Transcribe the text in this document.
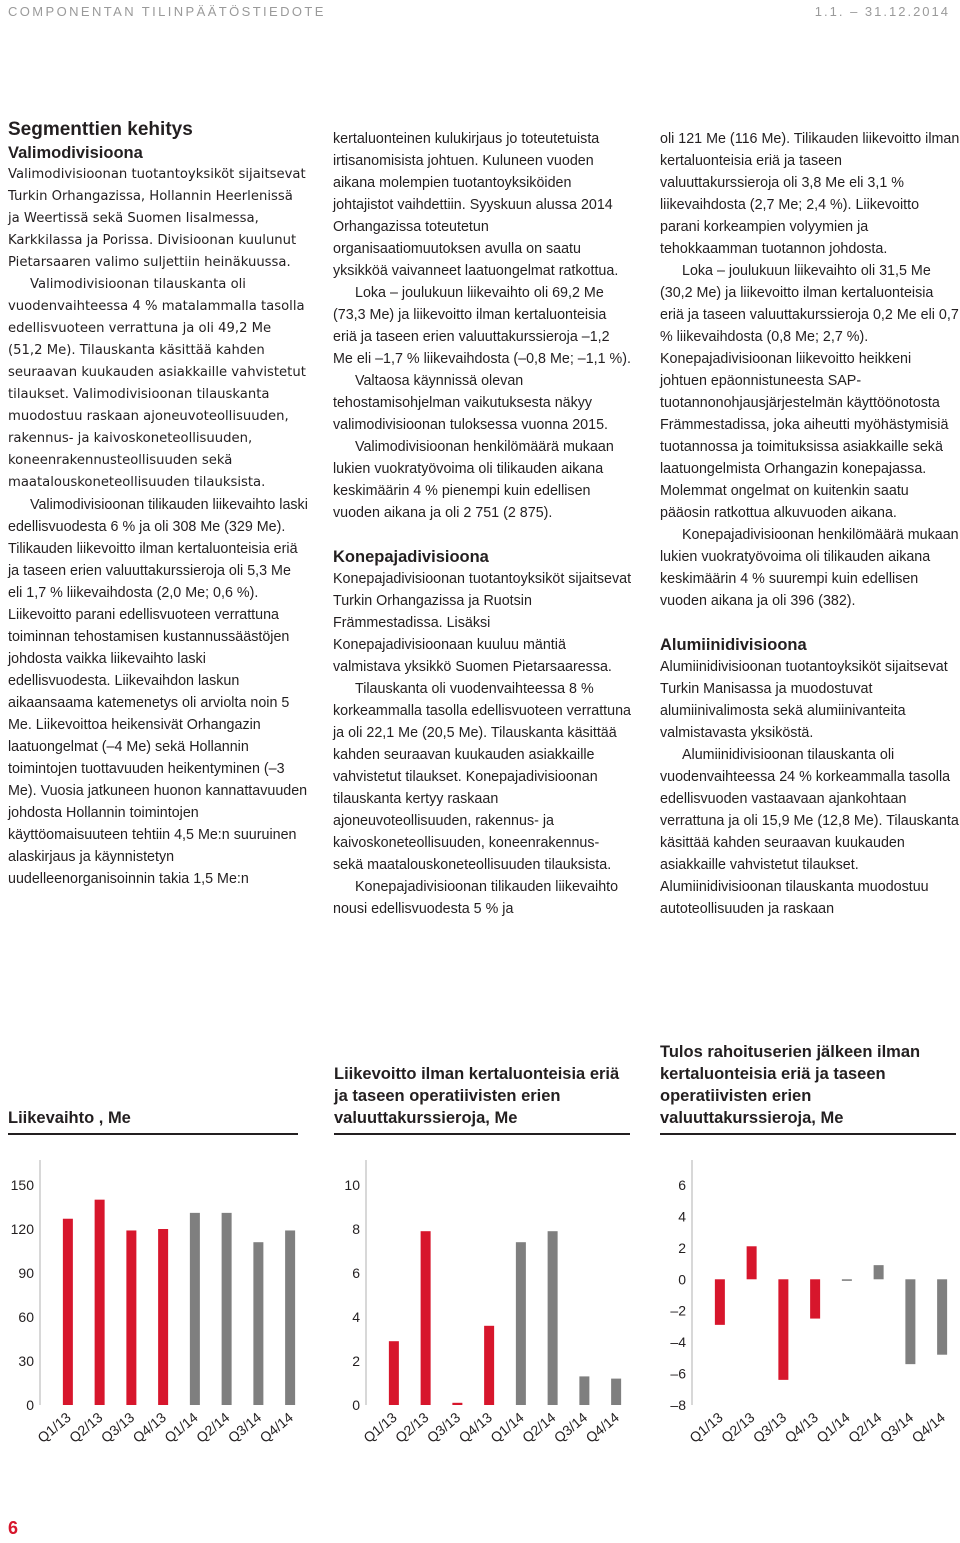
COMPONENTAN TILINPÄÄTÖSTIEDOTE	1.1. – 31.12.2014
Segmenttien kehitys
Valimodivisioona

Valimodivisioonan tuotantoyksiköt sijaitsevat Turkin Orhangazissa, Hollannin Heerlenissä ja Weertissä sekä Suomen Iisalmessa, Karkkilassa ja Porissa. Divisioonan kuulunut Pietarsaaren valimo suljettiin heinäkuussa.

Valimodivisioonan tilauskanta oli vuodenvaihteessa 4 % matalammalla tasolla edellisvuoteen verrattuna ja oli 49,2 Me (51,2 Me). Tilauskanta käsittää kahden seuraavan kuukauden asiakkaille vahvistetut tilaukset. Valimodivisioonan tilauskanta muodostuu raskaan ajoneuvoteollisuuden, rakennus- ja kaivoskoneteollisuuden, koneenrakennusteollisuuden sekä maatalouskoneteollisuuden tilauksista.

Valimodivisioonan tilikauden liikevaihto laski edellisvuodesta 6 % ja oli 308 Me (329 Me). Tilikauden liikevoitto ilman kertaluonteisia eriä ja taseen erien valuuttakurssieroja oli 5,3 Me eli 1,7 % liikevaihdosta (2,0 Me; 0,6 %). Liikevoitto parani edellisvuoteen verrattuna toiminnan tehostamisen kustannussäästöjen johdosta vaikka liikevaihto laski edellisvuodesta. Liikevaihdon laskun aikaansaama katemenetys oli arviolta noin 5 Me. Liikevoittoa heikensivät Orhangazin laatuongelmat (–4 Me) sekä Hollannin toimintojen tuottavuuden heikentyminen (–3 Me). Vuosia jatkuneen huonon kannattavuuden johdosta Hollannin toimintojen käyttöomaisuuteen tehtiin 4,5 Me:n suuruinen alaskirjaus ja käynnistetyn uudelleenorganisoinnin takia 1,5 Me:n

kertaluonteinen kulukirjaus jo toteutetuista irtisanomisista johtuen. Kuluneen vuoden aikana molempien tuotantoyksiköiden johtajistot vaihdettiin. Syyskuun alussa 2014 Orhangazissa toteutetun organisaatiomuutoksen avulla on saatu yksikköä vaivanneet laatuongelmat ratkottua.

Loka – joulukuun liikevaihto oli 69,2 Me (73,3 Me) ja liikevoitto ilman kertaluonteisia eriä ja taseen erien valuuttakurssieroja –1,2 Me eli –1,7 % liikevaihdosta (–0,8 Me; –1,1 %).

Valtaosa käynnissä olevan tehostamisohjelman vaikutuksesta näkyy valimodivisioonan tuloksessa vuonna 2015.

Valimodivisioonan henkilömäärä mukaan lukien vuokratyövoima oli tilikauden aikana keskimäärin 4 % pienempi kuin edellisen vuoden aikana ja oli 2 751 (2 875).

Konepajadivisioona

Konepajadivisioonan tuotantoyksiköt sijaitsevat Turkin Orhangazissa ja Ruotsin Främmestadissa. Lisäksi Konepajadivisioonaan kuuluu mäntiä valmistava yksikkö Suomen Pietarsaaressa.

Tilauskanta oli vuodenvaihteessa 8 % korkeammalla tasolla edellisvuoteen verrattuna ja oli 22,1 Me (20,5 Me). Tilauskanta käsittää kahden seuraavan kuukauden asiakkaille vahvistetut tilaukset. Konepajadivisioonan tilauskanta kertyy raskaan ajoneuvoteollisuuden, rakennus- ja kaivoskoneteollisuuden, koneenrakennus- sekä maatalouskoneteollisuuden tilauksista.

Konepajadivisioonan tilikauden liikevaihto nousi edellisvuodesta 5 % ja

oli 121 Me (116 Me). Tilikauden liikevoitto ilman kertaluonteisia eriä ja taseen valuuttakurssieroja oli 3,8 Me eli 3,1 % liikevaihdosta (2,7 Me; 2,4 %). Liikevoitto parani korkeampien volyymien ja tehokkaamman tuotannon johdosta.

Loka – joulukuun liikevaihto oli 31,5 Me (30,2 Me) ja liikevoitto ilman kertaluonteisia eriä ja taseen valuuttakurssieroja 0,2 Me eli 0,7 % liikevaihdosta (0,8 Me; 2,7 %). Konepajadivisioonan liikevoitto heikkeni johtuen epäonnistuneesta SAP-tuotannonohjausjärjestelmän käyttöönotosta Främmestadissa, joka aiheutti myöhästymisiä tuotannossa ja toimituksissa asiakkaille sekä laatuongelmista Orhangazin konepajassa. Molemmat ongelmat on kuitenkin saatu pääosin ratkottua alkuvuoden aikana.

Konepajadivisioonan henkilömäärä mukaan lukien vuokratyövoima oli tilikauden aikana keskimäärin 4 % suurempi kuin edellisen vuoden aikana ja oli 396 (382).

Alumiinidivisioona

Alumiinidivisioonan tuotantoyksiköt sijaitsevat Turkin Manisassa ja muodostuvat alumiinivalimosta sekä alumiinivanteita valmistavasta yksiköstä.

Alumiinidivisioonan tilauskanta oli vuodenvaihteessa 24 % korkeammalla tasolla edellisvuoden vastaavaan ajankohtaan verrattuna ja oli 15,9 Me (12,8 Me). Tilauskanta käsittää kahden seuraavan kuukauden asiakkaille vahvistetut tilaukset. Alumiinidivisioonan tilauskanta muodostuu autoteollisuuden ja raskaan

Liikevaihto , Me
Liikevoitto ilman kertaluonteisia eriä ja taseen operatiivisten erien valuuttakurssieroja, Me
Tulos rahoituserien jälkeen ilman kertaluonteisia eriä ja taseen operatiivisten erien valuuttakurssieroja, Me
0
30
60
90
120
150
Q1/13
Q2/13
Q3/13
Q4/13
Q1/14
Q2/14
Q3/14
Q4/14
0
2
4
6
8
10
Q1/13
Q2/13
Q3/13
Q4/13
Q1/14
Q2/14
Q3/14
Q4/14
–8
–6
–4
–2
0
2
4
6
Q1/13
Q2/13
Q3/13
Q4/13
Q1/14
Q2/14
Q3/14
Q4/14
6
